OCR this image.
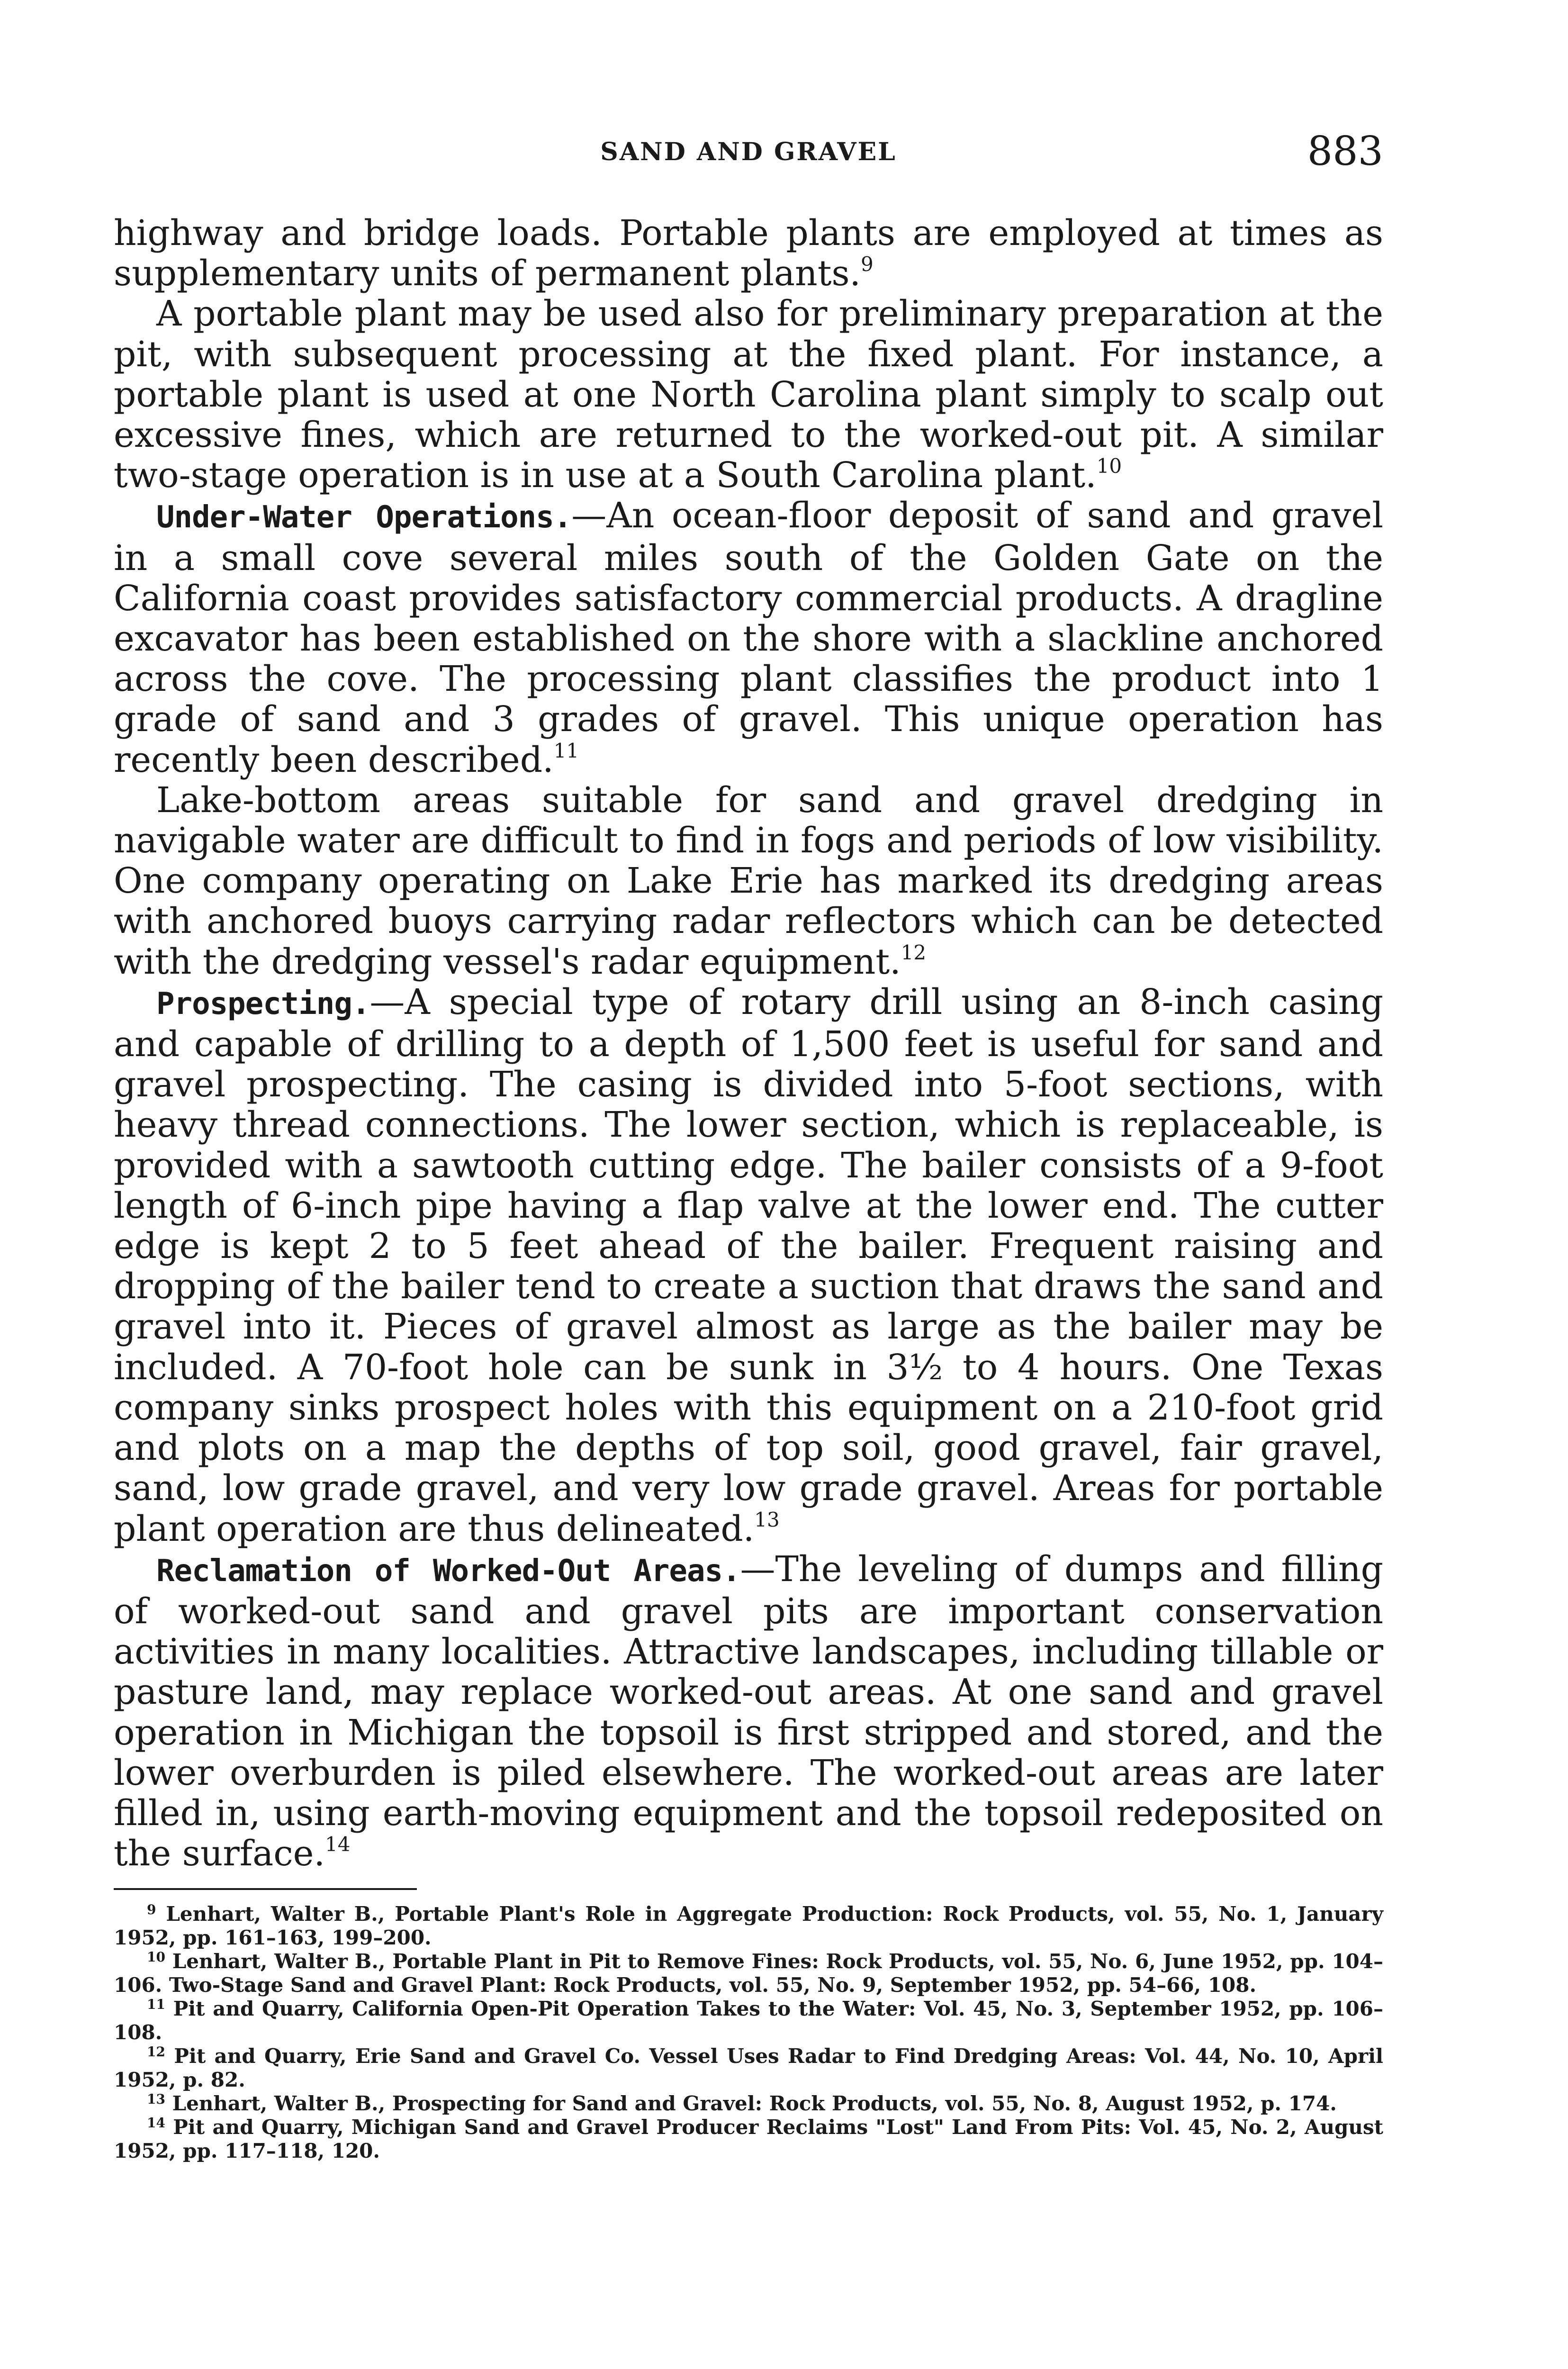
SAND AND GRAVEL	883

highway and bridge loads. Portable plants are employed at times as supplementary units of permanent plants.$^9$

A portable plant may be used also for preliminary preparation at the pit, with subsequent processing at the fixed plant. For instance, a portable plant is used at one North Carolina plant simply to scalp out excessive fines, which are returned to the worked-out pit. A similar two-stage operation is in use at a South Carolina plant.$^{10}$

Under-Water Operations.—An ocean-floor deposit of sand and gravel in a small cove several miles south of the Golden Gate on the California coast provides satisfactory commercial products. A dragline excavator has been established on the shore with a slackline anchored across the cove. The processing plant classifies the product into 1 grade of sand and 3 grades of gravel. This unique operation has recently been described.$^{11}$

Lake-bottom areas suitable for sand and gravel dredging in navigable water are difficult to find in fogs and periods of low visibility. One company operating on Lake Erie has marked its dredging areas with anchored buoys carrying radar reflectors which can be detected with the dredging vessel's radar equipment.$^{12}$

Prospecting.—A special type of rotary drill using an 8-inch casing and capable of drilling to a depth of 1,500 feet is useful for sand and gravel prospecting. The casing is divided into 5-foot sections, with heavy thread connections. The lower section, which is replaceable, is provided with a sawtooth cutting edge. The bailer consists of a 9-foot length of 6-inch pipe having a flap valve at the lower end. The cutter edge is kept 2 to 5 feet ahead of the bailer. Frequent raising and dropping of the bailer tend to create a suction that draws the sand and gravel into it. Pieces of gravel almost as large as the bailer may be included. A 70-foot hole can be sunk in 3½ to 4 hours. One Texas company sinks prospect holes with this equipment on a 210-foot grid and plots on a map the depths of top soil, good gravel, fair gravel, sand, low grade gravel, and very low grade gravel. Areas for portable plant operation are thus delineated.$^{13}$

Reclamation of Worked-Out Areas.—The leveling of dumps and filling of worked-out sand and gravel pits are important conservation activities in many localities. Attractive landscapes, including tillable or pasture land, may replace worked-out areas. At one sand and gravel operation in Michigan the topsoil is first stripped and stored, and the lower overburden is piled elsewhere. The worked-out areas are later filled in, using earth-moving equipment and the topsoil redeposited on the surface.$^{14}$

$^9$ Lenhart, Walter B., Portable Plant's Role in Aggregate Production: Rock Products, vol. 55, No. 1, January 1952, pp. 161–163, 199–200.

$^{10}$ Lenhart, Walter B., Portable Plant in Pit to Remove Fines: Rock Products, vol. 55, No. 6, June 1952, pp. 104–106. Two-Stage Sand and Gravel Plant: Rock Products, vol. 55, No. 9, September 1952, pp. 54–66, 108.

$^{11}$ Pit and Quarry, California Open-Pit Operation Takes to the Water: Vol. 45, No. 3, September 1952, pp. 106–108.

$^{12}$ Pit and Quarry, Erie Sand and Gravel Co. Vessel Uses Radar to Find Dredging Areas: Vol. 44, No. 10, April 1952, p. 82.

$^{13}$ Lenhart, Walter B., Prospecting for Sand and Gravel: Rock Products, vol. 55, No. 8, August 1952, p. 174.

$^{14}$ Pit and Quarry, Michigan Sand and Gravel Producer Reclaims "Lost" Land From Pits: Vol. 45, No. 2, August 1952, pp. 117–118, 120.
